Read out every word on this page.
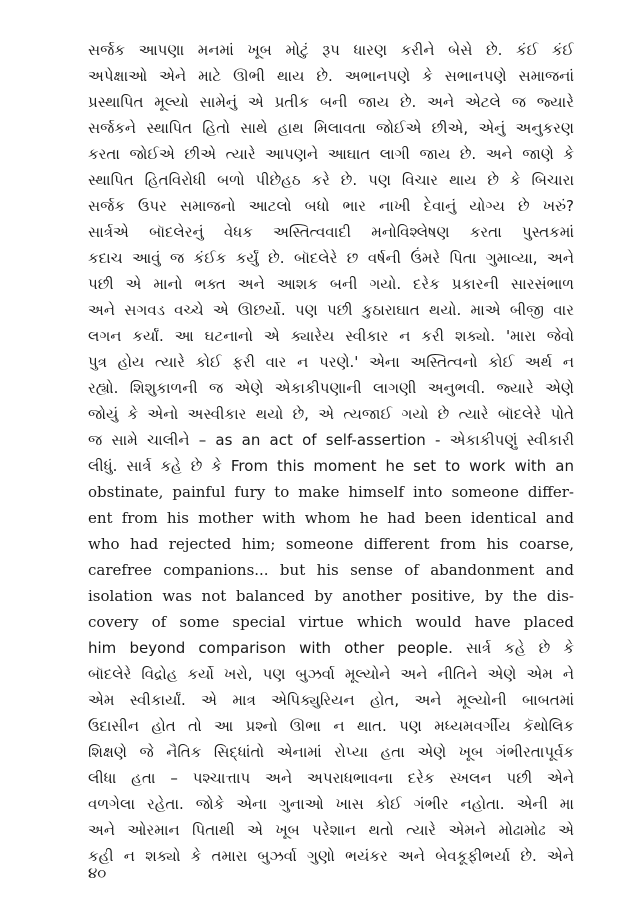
સર્જક આપણા મનમાં ખૂબ મોટું રૂપ ધારણ કરીને બેસે છે. કંઈ કંઈ
અપેક્ષાઓ એને માટે ઊભી થાય છે. અભાનપણે કે સભાનપણે સમાજનાં
પ્રસ્થાપિત મૂલ્યો સામેનું એ પ્રતીક બની જાય છે. અને એટલે જ જ્યારે
સર્જકને સ્થાપિત હિતો સાથે હાથ મિલાવતા જોઈએ છીએ, એનું અનુકરણ
કરતા જોઈએ છીએ ત્યારે આપણને આઘાત લાગી જાય છે. અને જાણે કે
સ્થાપિત હિતવિરોધી બળો પીછેહઠ કરે છે. પણ વિચાર થાય છે કે બિચારા
સર્જક ઉપર સમાજનો આટલો બધો ભાર નાખી દેવાનું યોગ્ય છે ખરું?
સાર્ત્રએ બૉદલેરનું વેધક અસ્તિત્વવાદી મનોવિશ્લેષણ કરતા પુસ્તકમાં
કદાચ આવું જ કંઈક કર્યું છે. બૉદલેરે છ વર્ષની ઉંમરે પિતા ગુમાવ્યા, અને
પછી એ માનો ભક્ત અને આશક બની ગયો. દરેક પ્રકારની સારસંભાળ
અને સગવડ વચ્ચે એ ઊછર્યો. પણ પછી કુઠારાઘાત થયો. માએ બીજી વાર
લગન કર્યાં. આ ઘટનાનો એ ક્યારેય સ્વીકાર ન કરી શક્યો. 'મારા જેવો
પુત્ર હોય ત્યારે કોઈ ફરી વાર ન પરણે.' એના અસ્તિત્વનો કોઈ અર્થ ન
રહ્યો. શિશુકાળની જ એણે એકાકીપણાની લાગણી અનુભવી. જ્યારે એણે
જોયું કે એનો અસ્વીકાર થયો છે, એ ત્યજાઈ ગયો છે ત્યારે બૉદલેરે પોતે
જ સામે ચાલીને – as an act of self-assertion - એકાકીપણું સ્વીકારી
લીધું. સાર્ત્ર કહે છે કે From this moment he set to work with an
obstinate, painful fury to make himself into someone differ-
ent from his mother with whom he had been identical and
who had rejected him; someone different from his coarse,
carefree companions... but his sense of abandonment and
isolation was not balanced by another positive, by the dis-
covery of some special virtue which would have placed
him beyond comparison with other people. સાર્ત્ર કહે છે કે
બૉદલેરે વિદ્રોહ કર્યો ખરો, પણ બુઝર્વા મૂલ્યોને અને નીતિને એણે એમ ને
એમ સ્વીકાર્યાં. એ માત્ર એપિક્યુરિયન હોત, અને મૂલ્યોની બાબતમાં
ઉદાસીન હોત તો આ પ્રશ્નો ઊભા ન થાત. પણ મધ્યમવર્ગીય કૅથોલિક
શિક્ષણે જે નૈતિક સિદ્ધાંતો એનામાં રોપ્યા હતા એણે ખૂબ ગંભીરતાપૂર્વક
લીધા હતા – પશ્ચાત્તાપ અને અપરાધભાવના દરેક સ્ખલન પછી એને
વળગેલા રહેતા. જોકે એના ગુનાઓ ખાસ કોઈ ગંભીર નહોતા. એની મા
અને ઓરમાન પિતાથી એ ખૂબ પરેશાન થતો ત્યારે એમને મોઢામોઢ એ
કહી ન શક્યો કે તમારા બુઝર્વા ગુણો ભયંકર અને બેવકૂફીભર્યા છે. એને
૪૦
